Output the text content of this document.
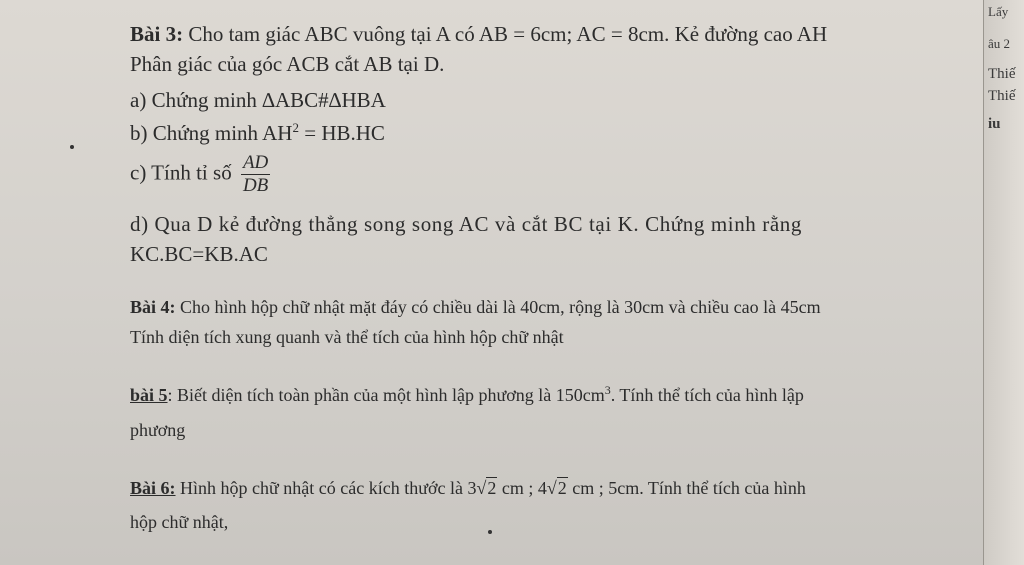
Bài 3: Cho tam giác ABC vuông tại A có AB = 6cm; AC = 8cm. Kẻ đường cao AH
Phân giác của góc ACB cắt AB tại D.
a) Chứng minh ∆ABC#∆HBA
b) Chứng minh $AH^2 = HB.HC$
c) Tính tỉ số $\frac{AD}{DB}$
d) Qua D kẻ đường thẳng song song AC và cắt BC tại K. Chứng minh rằng
KC.BC=KB.AC
Bài 4: Cho hình hộp chữ nhật mặt đáy có chiều dài là 40cm, rộng là 30cm và chiều cao là 45cm
Tính diện tích xung quanh và thể tích của hình hộp chữ nhật
bài 5: Biết diện tích toàn phần của một hình lập phương là $150cm^3$. Tính thể tích của hình lập
phương
Bài 6: Hình hộp chữ nhật có các kích thước là 3√2 cm ; 4√2 cm ; 5cm. Tính thể tích của hình
hộp chữ nhật,
Lấy
âu 2
Thiế
Thiế
iu
